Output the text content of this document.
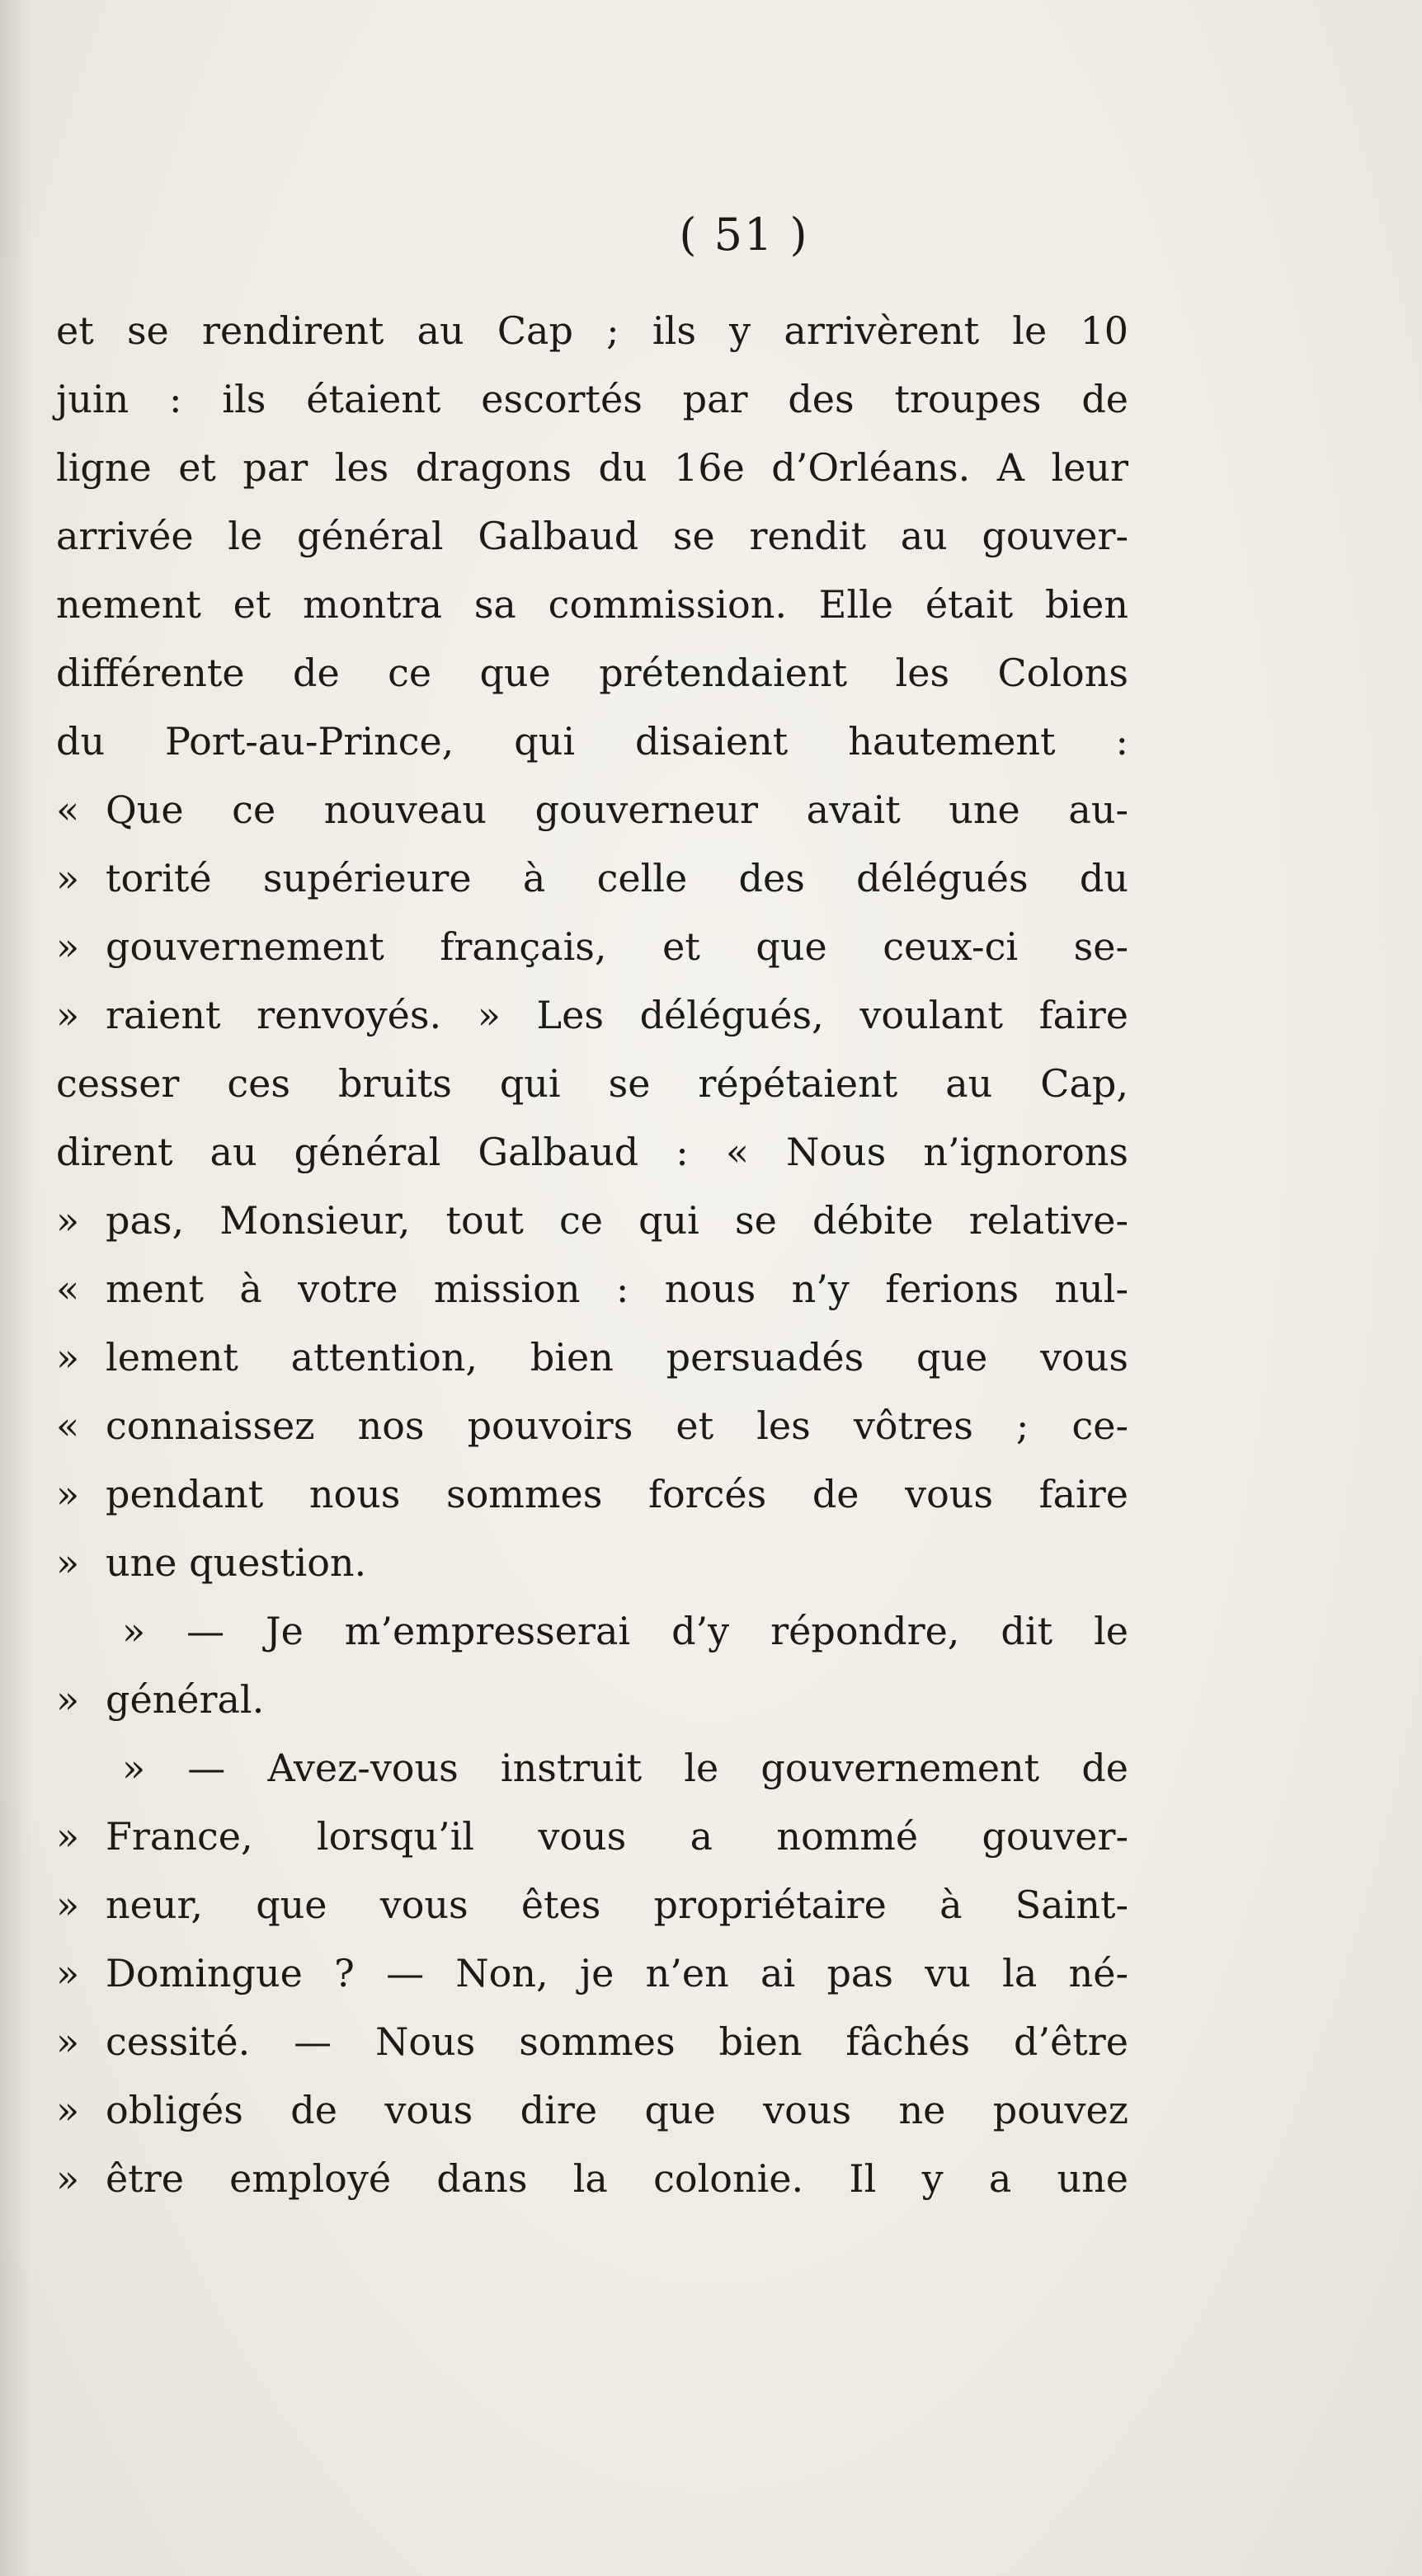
( 51 )
et se rendirent au Cap ; ils y arrivèrent le 10
juin : ils étaient escortés par des troupes de
ligne et par les dragons du 16e d’Orléans. A leur
arrivée le général Galbaud se rendit au gouver-
nement et montra sa commission. Elle était bien
différente de ce que prétendaient les Colons
du Port-au-Prince, qui disaient hautement :
« Que ce nouveau gouverneur avait une au-
» torité supérieure à celle des délégués du
» gouvernement français, et que ceux-ci se-
» raient renvoyés. » Les délégués, voulant faire
cesser ces bruits qui se répétaient au Cap,
dirent au général Galbaud : « Nous n’ignorons
» pas, Monsieur, tout ce qui se débite relative-
« ment à votre mission : nous n’y ferions nul-
» lement attention, bien persuadés que vous
« connaissez nos pouvoirs et les vôtres ; ce-
» pendant nous sommes forcés de vous faire
» une question.
» — Je m’empresserai d’y répondre, dit le
» général.
» — Avez-vous instruit le gouvernement de
» France, lorsqu’il vous a nommé gouver-
» neur, que vous êtes propriétaire à Saint-
» Domingue ? — Non, je n’en ai pas vu la né-
» cessité. — Nous sommes bien fâchés d’être
» obligés de vous dire que vous ne pouvez
» être employé dans la colonie. Il y a une
